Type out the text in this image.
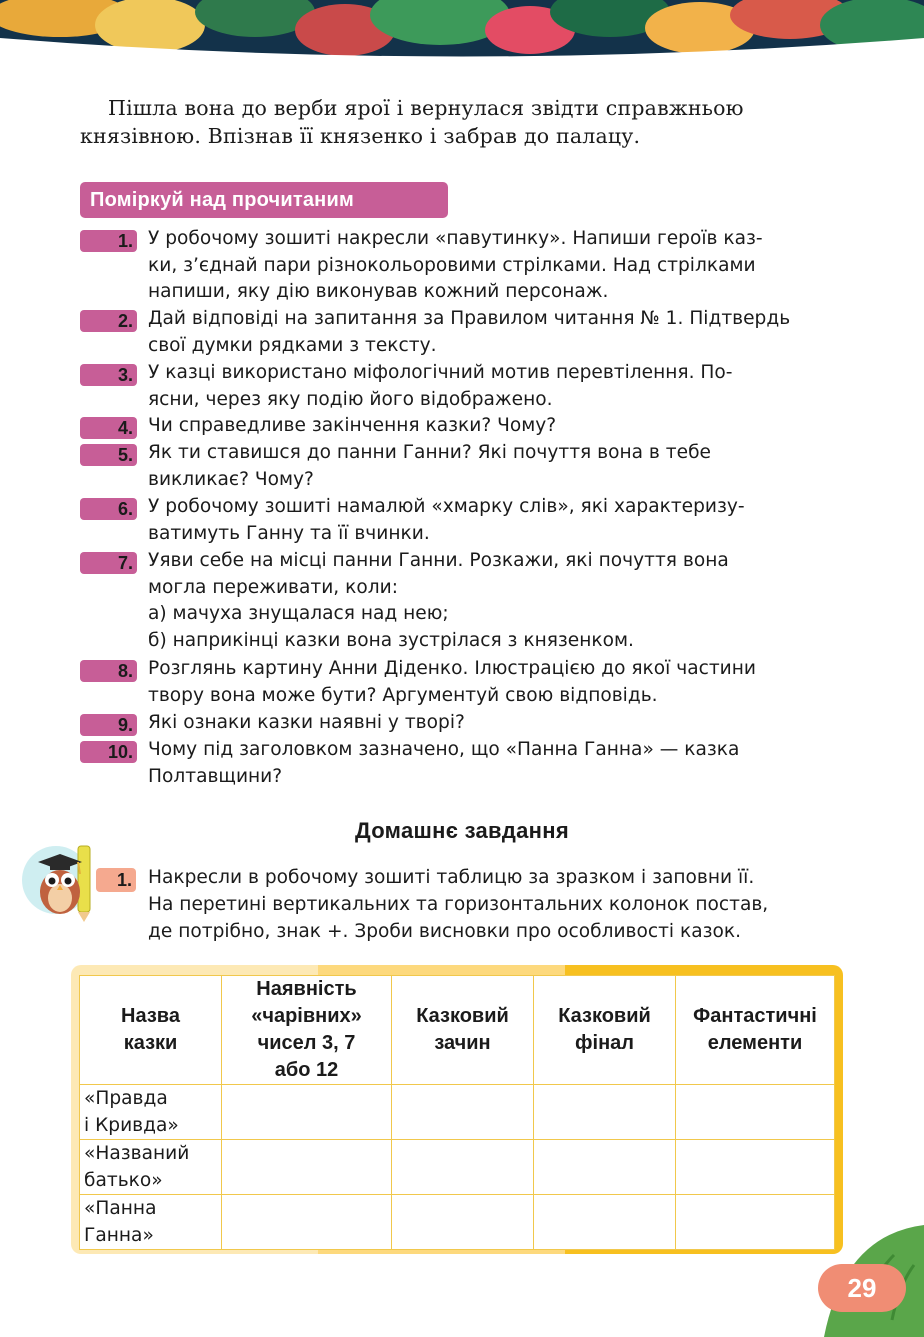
Пішла вона до верби ярої і вернулася звідти справжньою
князівною. Впізнав її князенко і забрав до палацу.

Поміркуй над прочитаним
1. У робочому зошиті накресли «павутинку». Напиши героїв каз-
ки, з’єднай пари різнокольоровими стрілками. Над стрілками
напиши, яку дію виконував кожний персонаж.
2. Дай відповіді на запитання за Правилом читання № 1. Підтвердь
свої думки рядками з тексту.
3. У казці використано міфологічний мотив перевтілення. По-
ясни, через яку подію його відображено.
4. Чи справедливе закінчення казки? Чому?
5. Як ти ставишся до панни Ганни? Які почуття вона в тебе
викликає? Чому?
6. У робочому зошиті намалюй «хмарку слів», які характеризу-
ватимуть Ганну та її вчинки.
7. Уяви себе на місці панни Ганни. Розкажи, які почуття вона
могла переживати, коли:
а) мачуха знущалася над нею;
б) наприкінці казки вона зустрілася з князенком.
8. Розглянь картину Анни Діденко. Ілюстрацією до якої частини
твору вона може бути? Аргументуй свою відповідь.
9. Які ознаки казки наявні у творі?
10. Чому під заголовком зазначено, що «Панна Ганна» — казка
Полтавщини?
Домашнє завдання
1. Накресли в робочому зошиті таблицю за зразком і заповни її.
На перетині вертикальних та горизонтальних колонок постав,
де потрібно, знак +. Зроби висновки про особливості казок.
Назва
казки	Наявність
«чарівних»
чисел 3, 7
або 12	Казковий
зачин	Казковий
фінал	Фантастичні
елементи

«Правда
і Кривда»				

«Названий
батько»				

«Панна
Ганна»				

29
